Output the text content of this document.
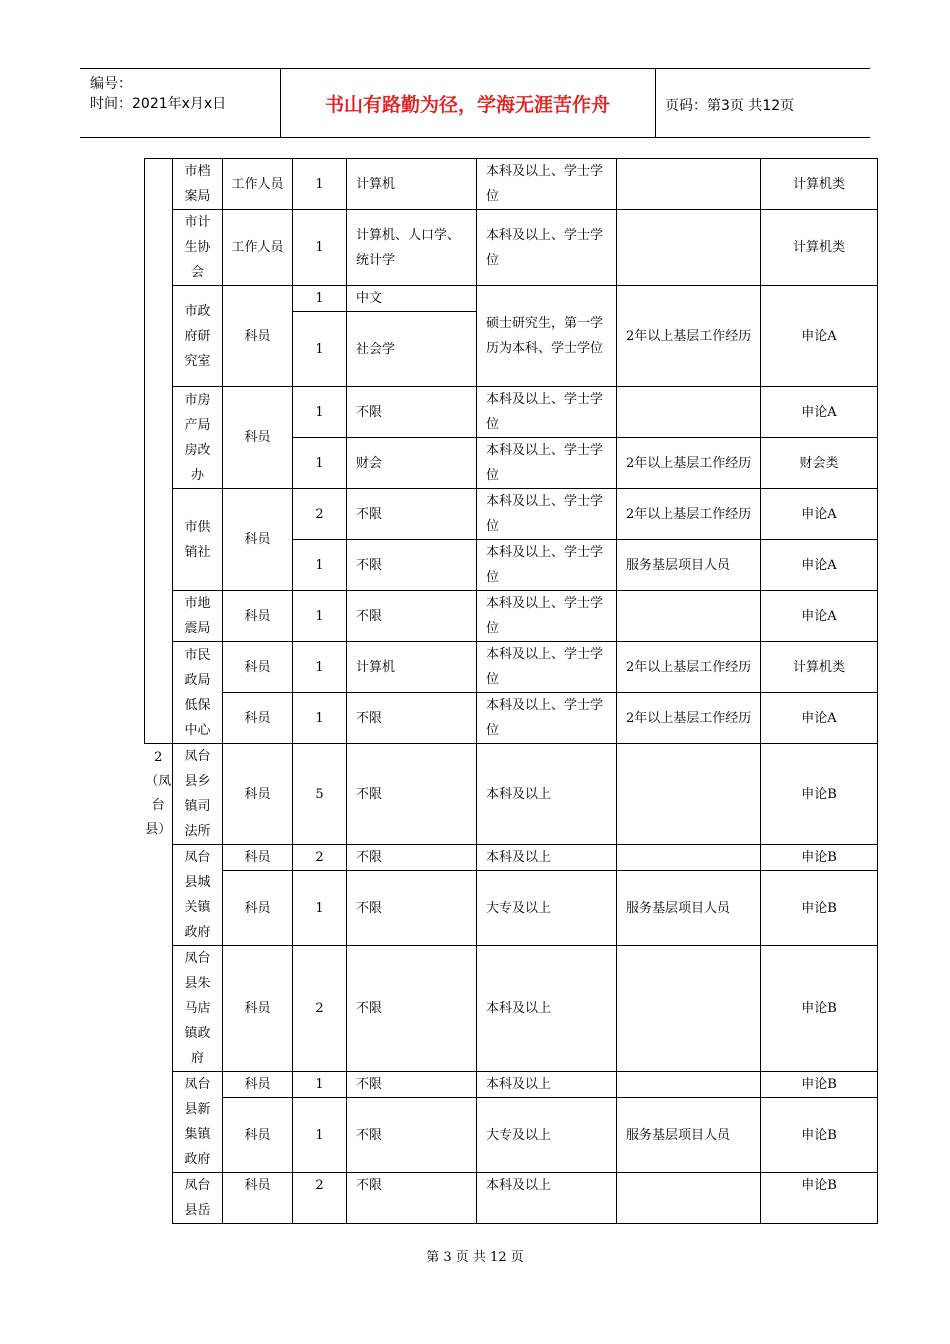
编号：
时间：2021年x月x日	书山有路勤为径，学海无涯苦作舟	页码：第3页 共12页
	市档案局	工作人员	1	计算机	本科及以上、学士学位		计算机类
	市计生协会	工作人员	1	计算机、人口学、统计学	本科及以上、学士学位		计算机类
	市政府研究室	科员	1	中文	硕士研究生，第一学历为本科、学士学位	2年以上基层工作经历	申论A
			1	社会学			
	市房产局房改办	科员	1	不限	本科及以上、学士学位		申论A
			1	财会	本科及以上、学士学位	2年以上基层工作经历	财会类
	市供销社	科员	2	不限	本科及以上、学士学位	2年以上基层工作经历	申论A
			1	不限	本科及以上、学士学位	服务基层项目人员	申论A
	市地震局	科员	1	不限	本科及以上、学士学位		申论A
	市民政局低保中心	科员	1	计算机	本科及以上、学士学位	2年以上基层工作经历	计算机类
		科员	1	不限	本科及以上、学士学位	2年以上基层工作经历	申论A
2（凤台县）	凤台县乡镇司法所	科员	5	不限	本科及以上		申论B
	凤台县城关镇政府	科员	2	不限	本科及以上		申论B
		科员	1	不限	大专及以上	服务基层项目人员	申论B
	凤台县朱马店镇政府	科员	2	不限	本科及以上		申论B
	凤台县新集镇政府	科员	1	不限	本科及以上		申论B
		科员	1	不限	大专及以上	服务基层项目人员	申论B
	凤台县岳	科员	2	不限	本科及以上		申论B
第 3 页 共 12 页
